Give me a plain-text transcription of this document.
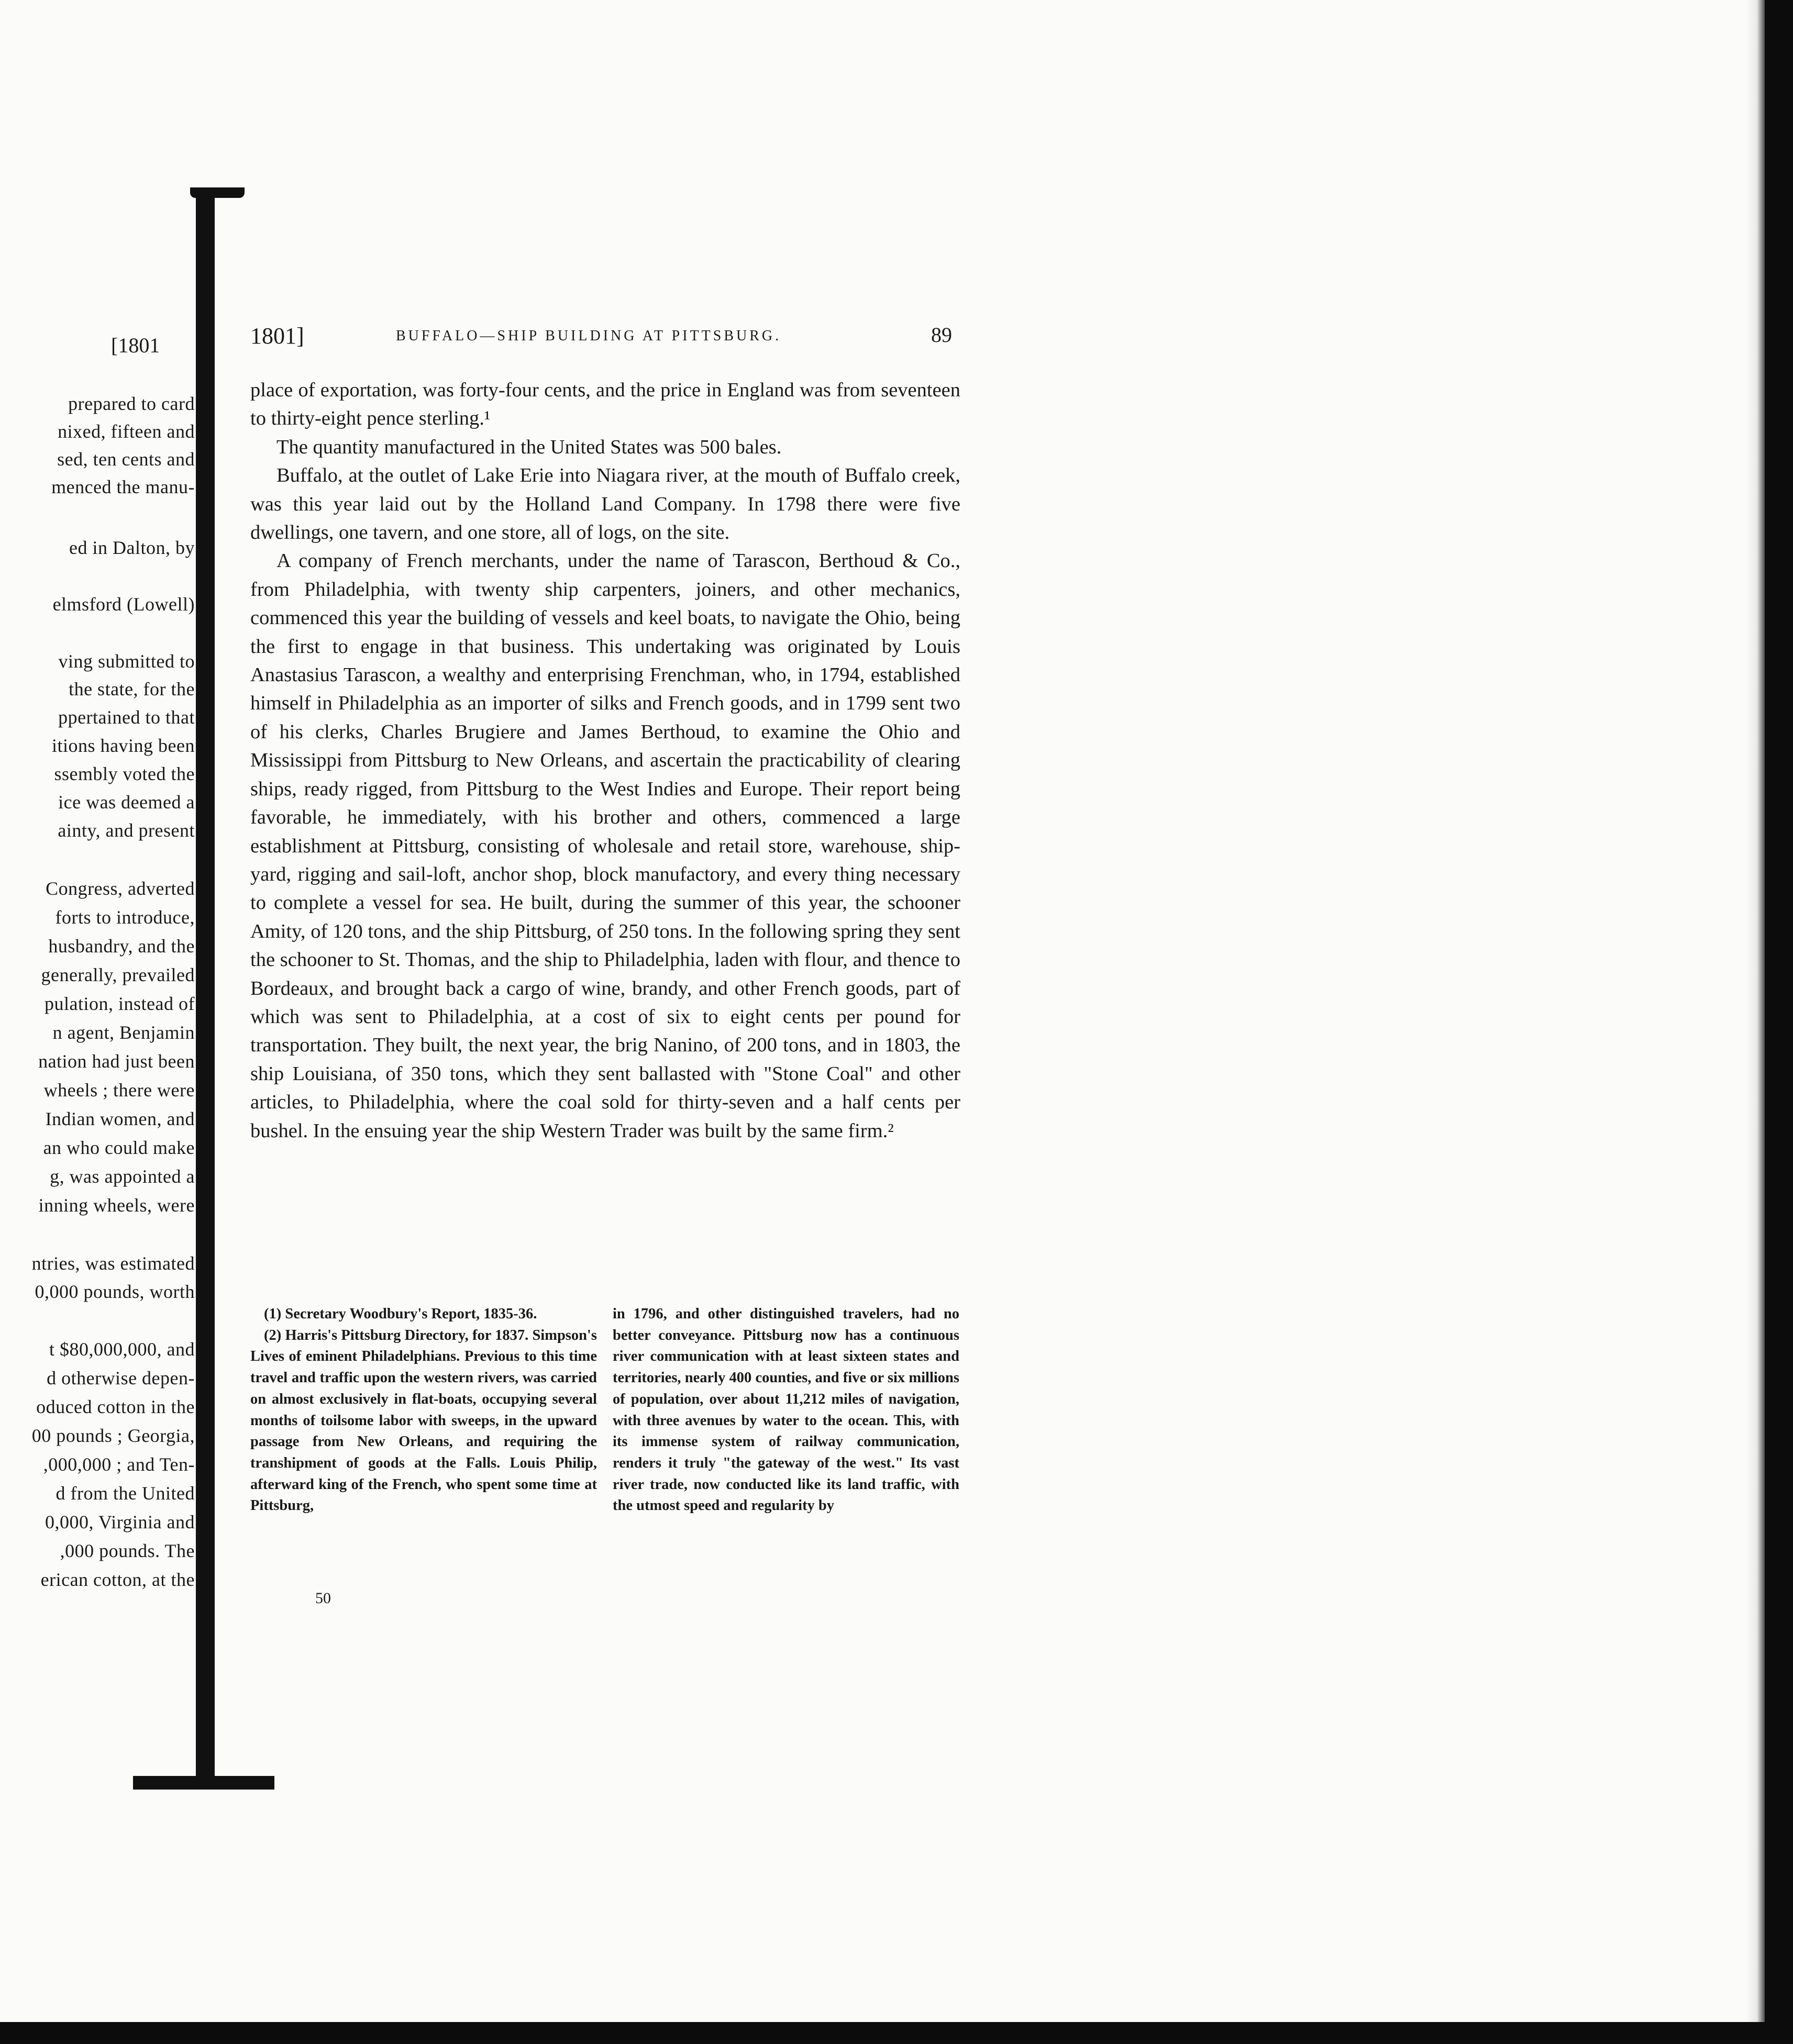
[1801
prepared to card
nixed, fifteen and
sed, ten cents and
menced the manu-
ed in Dalton, by
elmsford (Lowell)
ving submitted to
the state, for the
ppertained to that
itions having been
ssembly voted the
ice was deemed a
ainty, and present
Congress, adverted
forts to introduce,
husbandry, and the
generally, prevailed
pulation, instead of
n agent, Benjamin
nation had just been
wheels ; there were
Indian women, and
an who could make
g, was appointed a
inning wheels, were
ntries, was estimated
0,000 pounds, worth
t $80,000,000, and
d otherwise depen-
oduced cotton in the
00 pounds ; Georgia,
,000,000 ; and Ten-
d from the United
0,000, Virginia and
,000 pounds. The
erican cotton, at the
1801]	BUFFALO—SHIP BUILDING AT PITTSBURG.	89

place of exportation, was forty-four cents, and the price in England was from seventeen to thirty-eight pence sterling.¹

The quantity manufactured in the United States was 500 bales.

Buffalo, at the outlet of Lake Erie into Niagara river, at the mouth of Buffalo creek, was this year laid out by the Holland Land Company. In 1798 there were five dwellings, one tavern, and one store, all of logs, on the site.

A company of French merchants, under the name of Tarascon, Berthoud & Co., from Philadelphia, with twenty ship carpenters, joiners, and other mechanics, commenced this year the building of vessels and keel boats, to navigate the Ohio, being the first to engage in that business. This undertaking was originated by Louis Anastasius Tarascon, a wealthy and enterprising Frenchman, who, in 1794, established himself in Philadelphia as an importer of silks and French goods, and in 1799 sent two of his clerks, Charles Brugiere and James Berthoud, to examine the Ohio and Mississippi from Pittsburg to New Orleans, and ascertain the practicability of clearing ships, ready rigged, from Pittsburg to the West Indies and Europe. Their report being favorable, he immediately, with his brother and others, commenced a large establishment at Pittsburg, consisting of wholesale and retail store, warehouse, ship-yard, rigging and sail-loft, anchor shop, block manufactory, and every thing necessary to complete a vessel for sea. He built, during the summer of this year, the schooner Amity, of 120 tons, and the ship Pittsburg, of 250 tons. In the following spring they sent the schooner to St. Thomas, and the ship to Philadelphia, laden with flour, and thence to Bordeaux, and brought back a cargo of wine, brandy, and other French goods, part of which was sent to Philadelphia, at a cost of six to eight cents per pound for transportation. They built, the next year, the brig Nanino, of 200 tons, and in 1803, the ship Louisiana, of 350 tons, which they sent ballasted with "Stone Coal" and other articles, to Philadelphia, where the coal sold for thirty-seven and a half cents per bushel. In the ensuing year the ship Western Trader was built by the same firm.²

(1) Secretary Woodbury's Report, 1835-36.

(2) Harris's Pittsburg Directory, for 1837. Simpson's Lives of eminent Philadelphians. Previous to this time travel and traffic upon the western rivers, was carried on almost exclusively in flat-boats, occupying several months of toilsome labor with sweeps, in the upward passage from New Orleans, and requiring the transhipment of goods at the Falls. Louis Philip, afterward king of the French, who spent some time at Pittsburg,

in 1796, and other distinguished travelers, had no better conveyance. Pittsburg now has a continuous river communication with at least sixteen states and territories, nearly 400 counties, and five or six millions of population, over about 11,212 miles of navigation, with three avenues by water to the ocean. This, with its immense system of railway communication, renders it truly "the gateway of the west." Its vast river trade, now conducted like its land traffic, with the utmost speed and regularity by

50
